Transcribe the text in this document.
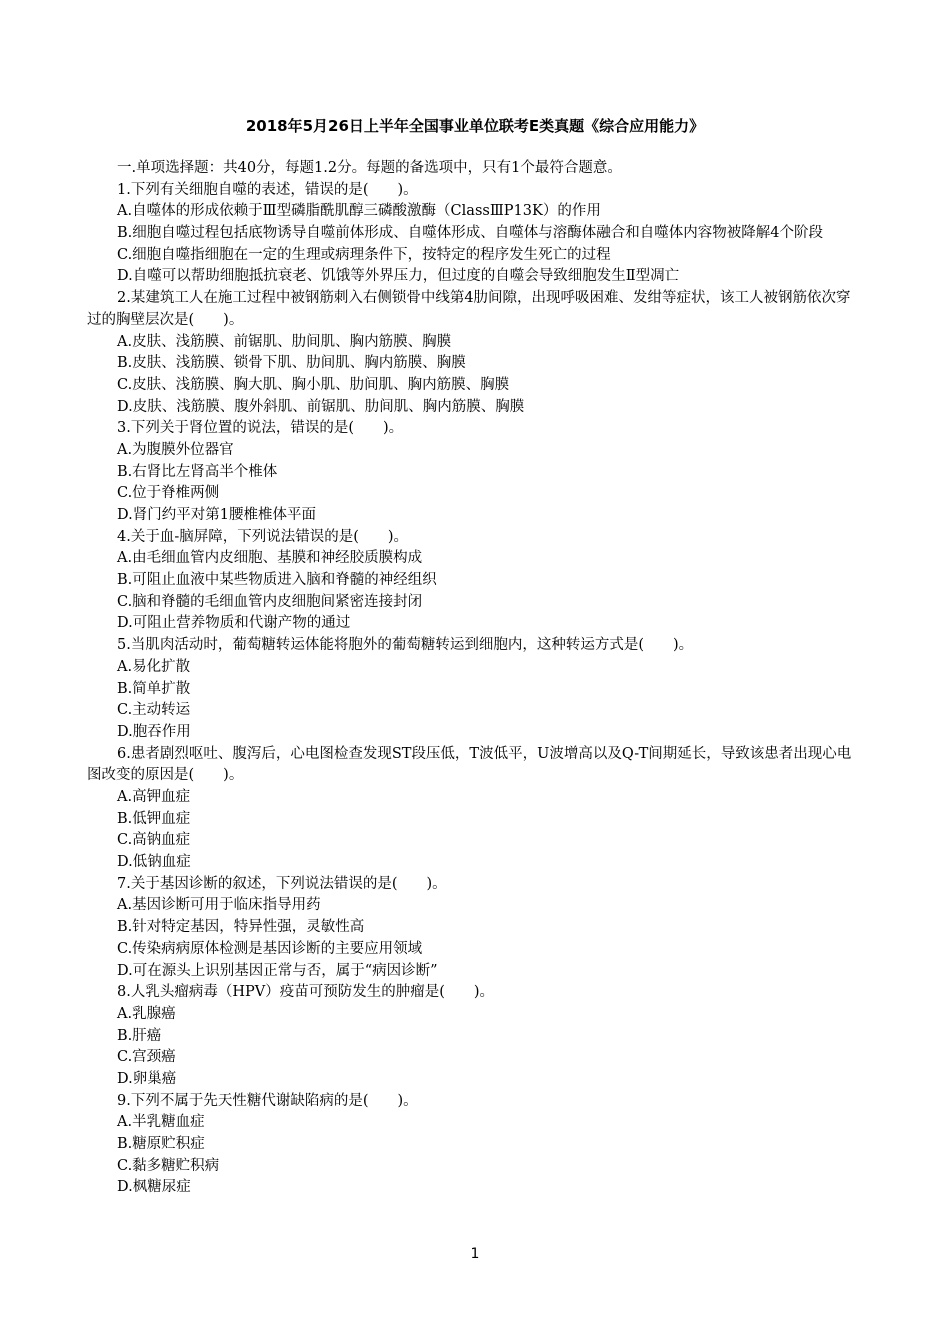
2018年5月26日上半年全国事业单位联考E类真题《综合应用能力》
一.单项选择题：共40分，每题1.2分。每题的备选项中，只有1个最符合题意。
1.下列有关细胞自噬的表述，错误的是(　　)。
A.自噬体的形成依赖于Ⅲ型磷脂酰肌醇三磷酸激酶（ClassⅢP13K）的作用
B.细胞自噬过程包括底物诱导自噬前体形成、自噬体形成、自噬体与溶酶体融合和自噬体内容物被降解4个阶段
C.细胞自噬指细胞在一定的生理或病理条件下，按特定的程序发生死亡的过程
D.自噬可以帮助细胞抵抗衰老、饥饿等外界压力，但过度的自噬会导致细胞发生Ⅱ型凋亡
2.某建筑工人在施工过程中被钢筋刺入右侧锁骨中线第4肋间隙，出现呼吸困难、发绀等症状，该工人被钢筋依次穿过的胸壁层次是(　　)。
A.皮肤、浅筋膜、前锯肌、肋间肌、胸内筋膜、胸膜
B.皮肤、浅筋膜、锁骨下肌、肋间肌、胸内筋膜、胸膜
C.皮肤、浅筋膜、胸大肌、胸小肌、肋间肌、胸内筋膜、胸膜
D.皮肤、浅筋膜、腹外斜肌、前锯肌、肋间肌、胸内筋膜、胸膜
3.下列关于肾位置的说法，错误的是(　　)。
A.为腹膜外位器官
B.右肾比左肾高半个椎体
C.位于脊椎两侧
D.肾门约平对第1腰椎椎体平面
4.关于血-脑屏障，下列说法错误的是(　　)。
A.由毛细血管内皮细胞、基膜和神经胶质膜构成
B.可阻止血液中某些物质进入脑和脊髓的神经组织
C.脑和脊髓的毛细血管内皮细胞间紧密连接封闭
D.可阻止营养物质和代谢产物的通过
5.当肌肉活动时，葡萄糖转运体能将胞外的葡萄糖转运到细胞内，这种转运方式是(　　)。
A.易化扩散
B.简单扩散
C.主动转运
D.胞吞作用
6.患者剧烈呕吐、腹泻后，心电图检查发现ST段压低，T波低平，U波增高以及Q-T间期延长，导致该患者出现心电图改变的原因是(　　)。
A.高钾血症
B.低钾血症
C.高钠血症
D.低钠血症
7.关于基因诊断的叙述，下列说法错误的是(　　)。
A.基因诊断可用于临床指导用药
B.针对特定基因，特异性强，灵敏性高
C.传染病病原体检测是基因诊断的主要应用领域
D.可在源头上识别基因正常与否，属于“病因诊断”
8.人乳头瘤病毒（HPV）疫苗可预防发生的肿瘤是(　　)。
A.乳腺癌
B.肝癌
C.宫颈癌
D.卵巢癌
9.下列不属于先天性糖代谢缺陷病的是(　　)。
A.半乳糖血症
B.糖原贮积症
C.黏多糖贮积病
D.枫糖尿症
1
